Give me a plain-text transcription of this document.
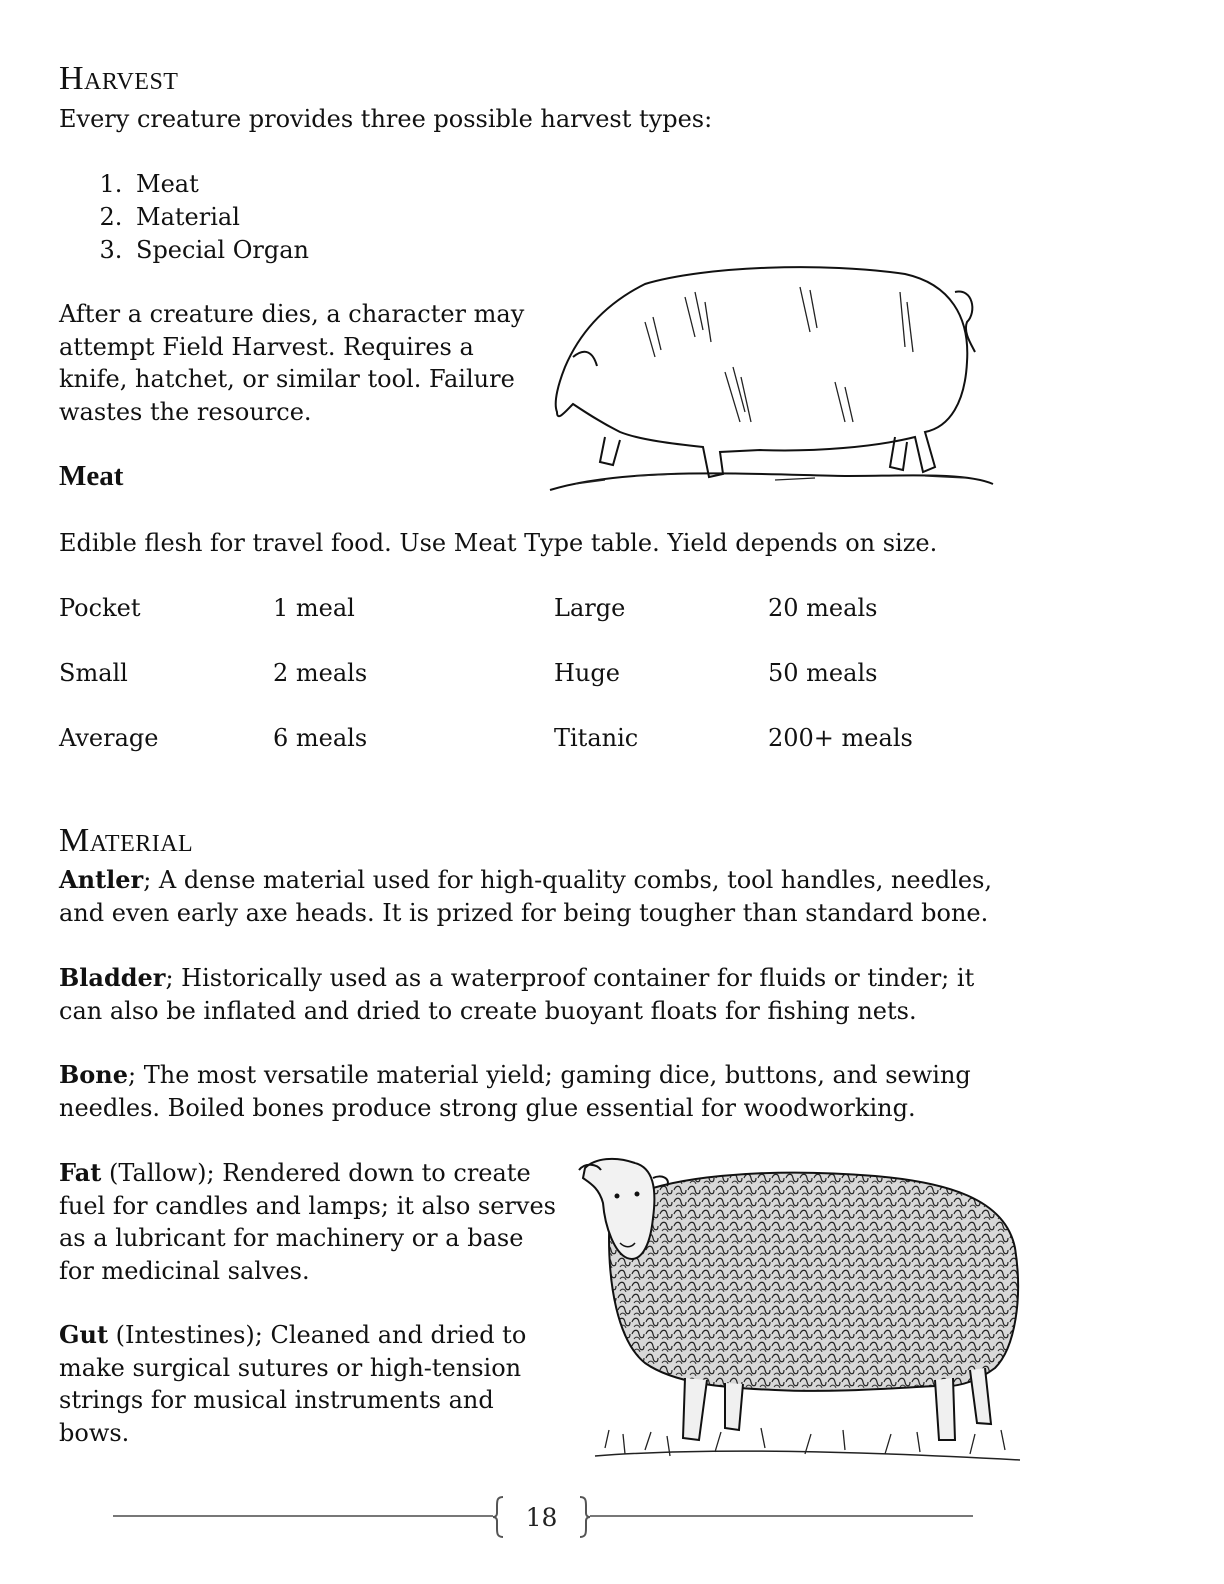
Harvest

Every creature provides three possible harvest types:

1. Meat
2. Material
3. Special Organ

After a creature dies, a character may attempt Field Harvest. Requires a knife, hatchet, or similar tool. Failure wastes the resource.

Meat

Edible flesh for travel food. Use Meat Type table. Yield depends on size.

Pocket	1 meal	Large	20 meals
Small	2 meals	Huge	50 meals
Average	6 meals	Titanic	200+ meals
Material

Antler; A dense material used for high-quality combs, tool handles, needles, and even early axe heads. It is prized for being tougher than standard bone.

Bladder; Historically used as a waterproof container for fluids or tinder; it can also be inflated and dried to create buoyant floats for fishing nets.

Bone; The most versatile material yield; gaming dice, buttons, and sewing needles. Boiled bones produce strong glue essential for woodworking.

Fat (Tallow); Rendered down to create fuel for candles and lamps; it also serves as a lubricant for machinery or a base for medicinal salves.

Gut (Intestines); Cleaned and dried to make surgical sutures or high-tension strings for musical instruments and bows.

18
